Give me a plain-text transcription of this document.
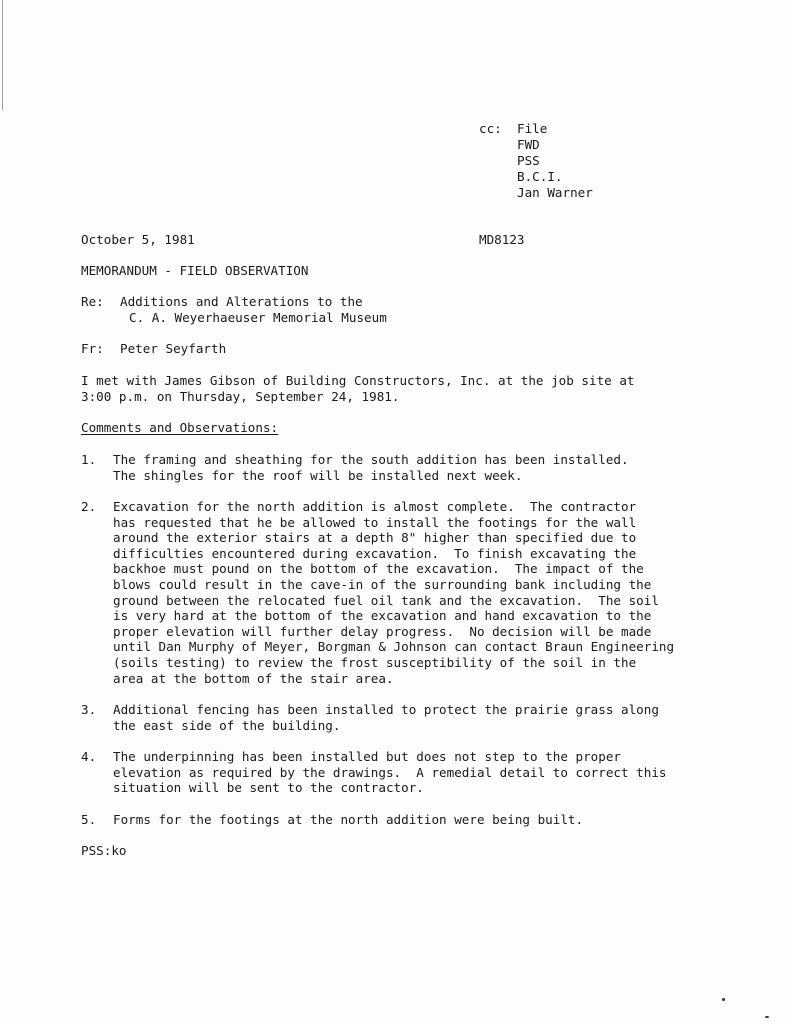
cc: File
FWD
PSS
B.C.I.
Jan Warner
October 5, 1981	MD8123
MEMORANDUM - FIELD OBSERVATION
Re: Additions and Alterations to the
C. A. Weyerhaeuser Memorial Museum
Fr: Peter Seyfarth
I met with James Gibson of Building Constructors, Inc. at the job site at
3:00 p.m. on Thursday, September 24, 1981.
Comments and Observations:
1. The framing and sheathing for the south addition has been installed.
The shingles for the roof will be installed next week.
2. Excavation for the north addition is almost complete.  The contractor
has requested that he be allowed to install the footings for the wall
around the exterior stairs at a depth 8" higher than specified due to
difficulties encountered during excavation.  To finish excavating the
backhoe must pound on the bottom of the excavation.  The impact of the
blows could result in the cave-in of the surrounding bank including the
ground between the relocated fuel oil tank and the excavation.  The soil
is very hard at the bottom of the excavation and hand excavation to the
proper elevation will further delay progress.  No decision will be made
until Dan Murphy of Meyer, Borgman & Johnson can contact Braun Engineering
(soils testing) to review the frost susceptibility of the soil in the
area at the bottom of the stair area.
3. Additional fencing has been installed to protect the prairie grass along
the east side of the building.
4. The underpinning has been installed but does not step to the proper
elevation as required by the drawings.  A remedial detail to correct this
situation will be sent to the contractor.
5. Forms for the footings at the north addition were being built.
PSS:ko
